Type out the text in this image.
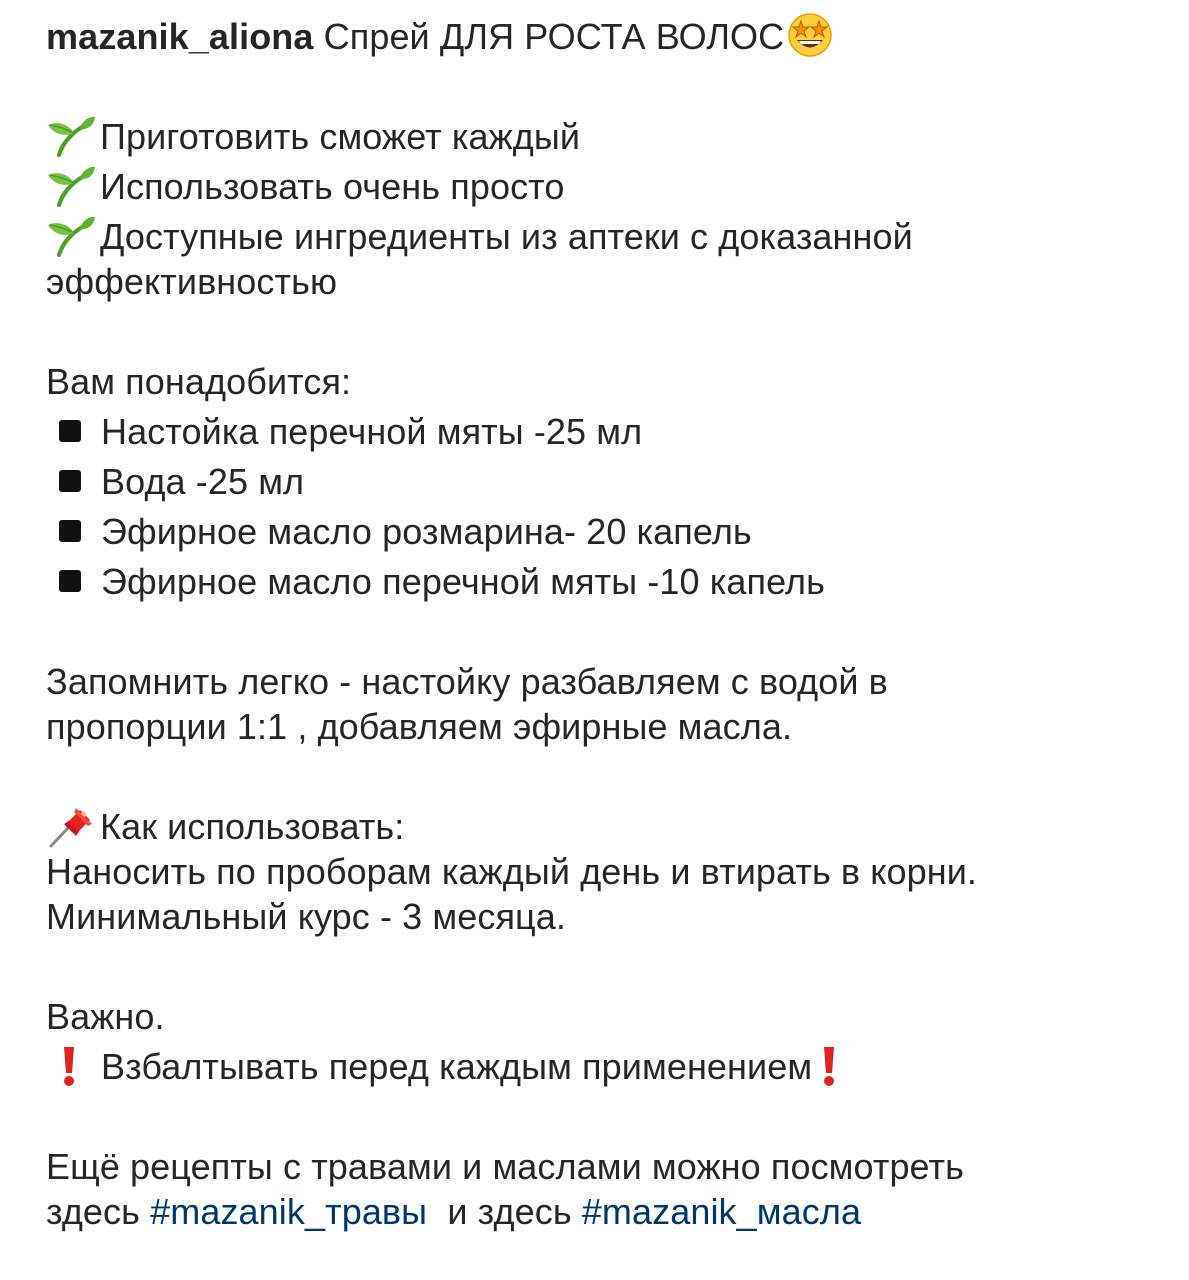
mazanik_aliona Спрей ДЛЯ РОСТА ВОЛОС
Приготовить сможет каждый
Использовать очень просто
Доступные ингредиенты из аптеки с доказанной
эффективностью
Вам понадобится:
Настойка перечной мяты -25 мл
Вода -25 мл
Эфирное масло розмарина- 20 капель
Эфирное масло перечной мяты -10 капель
Запомнить легко - настойку разбавляем с водой в
пропорции 1:1 , добавляем эфирные масла.
Как использовать:
Наносить по проборам каждый день и втирать в корни.
Минимальный курс - 3 месяца.
Важно.
Взбалтывать перед каждым применением
Ещё рецепты с травами и маслами можно посмотреть
здесь #mazanik_травы и здесь #mazanik_масла
